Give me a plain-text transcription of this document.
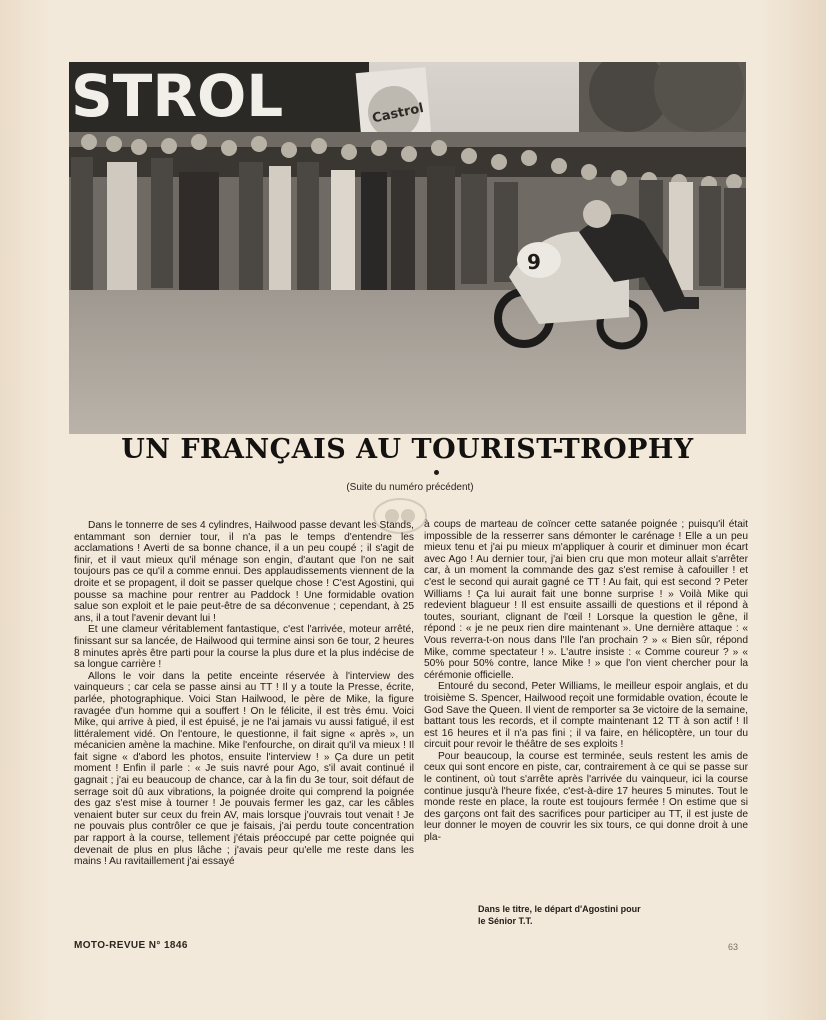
STROL	Castrol
9
UN FRANÇAIS AU TOURIST-TROPHY
(Suite du numéro précédent)

Dans le tonnerre de ses 4 cylindres, Hailwood passe devant les Stands, entammant son dernier tour, il n'a pas le temps d'entendre les acclamations ! Averti de sa bonne chance, il a un peu coupé ; il s'agit de finir, et il vaut mieux qu'il ménage son engin, d'autant que l'on ne sait toujours pas ce qu'il a comme ennui. Des applaudissements viennent de la droite et se propagent, il doit se passer quelque chose ! C'est Agostini, qui pousse sa machine pour rentrer au Paddock ! Une formidable ovation salue son exploit et le paie peut-être de sa déconvenue ; cependant, à 25 ans, il a tout l'avenir devant lui !

Et une clameur véritablement fantastique, c'est l'arrivée, moteur arrêté, finissant sur sa lancée, de Hailwood qui termine ainsi son 6e tour, 2 heures 8 minutes après être parti pour la course la plus dure et la plus indécise de sa longue carrière !

Allons le voir dans la petite enceinte réservée à l'interview des vainqueurs ; car cela se passe ainsi au TT ! Il y a toute la Presse, écrite, parlée, photographique. Voici Stan Hailwood, le père de Mike, la figure ravagée d'un homme qui a souffert ! On le félicite, il est très ému. Voici Mike, qui arrive à pied, il est épuisé, je ne l'ai jamais vu aussi fatigué, il est littéralement vidé. On l'entoure, le questionne, il fait signe « après », un mécanicien amène la machine. Mike l'enfourche, on dirait qu'il va mieux ! Il fait signe « d'abord les photos, ensuite l'interview ! » Ça dure un petit moment ! Enfin il parle : « Je suis navré pour Ago, s'il avait continué il gagnait ; j'ai eu beaucoup de chance, car à la fin du 3e tour, soit défaut de serrage soit dû aux vibrations, la poignée droite qui comprend la poignée des gaz s'est mise à tourner ! Je pouvais fermer les gaz, car les câbles venaient buter sur ceux du frein AV, mais lorsque j'ouvrais tout venait ! Je ne pouvais plus contrôler ce que je faisais, j'ai perdu toute concentration par rapport à la course, tellement j'étais préoccupé par cette poignée qui devenait de plus en plus lâche ; j'avais peur qu'elle me reste dans les mains ! Au ravitaillement j'ai essayé

à coups de marteau de coïncer cette satanée poignée ; puisqu'il était impossible de la resserrer sans démonter le carénage ! Elle a un peu mieux tenu et j'ai pu mieux m'appliquer à courir et diminuer mon écart avec Ago ! Au dernier tour, j'ai bien cru que mon moteur allait s'arrêter car, à un moment la commande des gaz s'est remise à cafouiller ! et c'est le second qui aurait gagné ce TT ! Au fait, qui est second ? Peter Williams ! Ça lui aurait fait une bonne surprise ! » Voilà Mike qui redevient blagueur ! Il est ensuite assailli de questions et il répond à toutes, souriant, clignant de l'œil ! Lorsque la question le gêne, il répond : « je ne peux rien dire maintenant ». Une dernière attaque : « Vous reverra-t-on nous dans l'Ile l'an prochain ? » « Bien sûr, répond Mike, comme spectateur ! ». L'autre insiste : « Comme coureur ? » « 50% pour 50% contre, lance Mike ! » que l'on vient chercher pour la cérémonie officielle.

Entouré du second, Peter Williams, le meilleur espoir anglais, et du troisième S. Spencer, Hailwood reçoit une formidable ovation, écoute le God Save the Queen. Il vient de remporter sa 3e victoire de la semaine, battant tous les records, et il compte maintenant 12 TT à son actif ! Il est 16 heures et il n'a pas fini ; il va faire, en hélicoptère, un tour du circuit pour revoir le théâtre de ses exploits !

Pour beaucoup, la course est terminée, seuls restent les amis de ceux qui sont encore en piste, car, contrairement à ce qui se passe sur le continent, où tout s'arrête après l'arrivée du vainqueur, ici la course continue jusqu'à l'heure fixée, c'est-à-dire 17 heures 5 minutes. Tout le monde reste en place, la route est toujours fermée ! On estime que si des garçons ont fait des sacrifices pour participer au TT, il est juste de leur donner le moyen de couvrir les six tours, ce qui donne droit à une pla-

Dans le titre, le départ d'Agostini pour
le Sénior T.T.
MOTO-REVUE N° 1846	63
